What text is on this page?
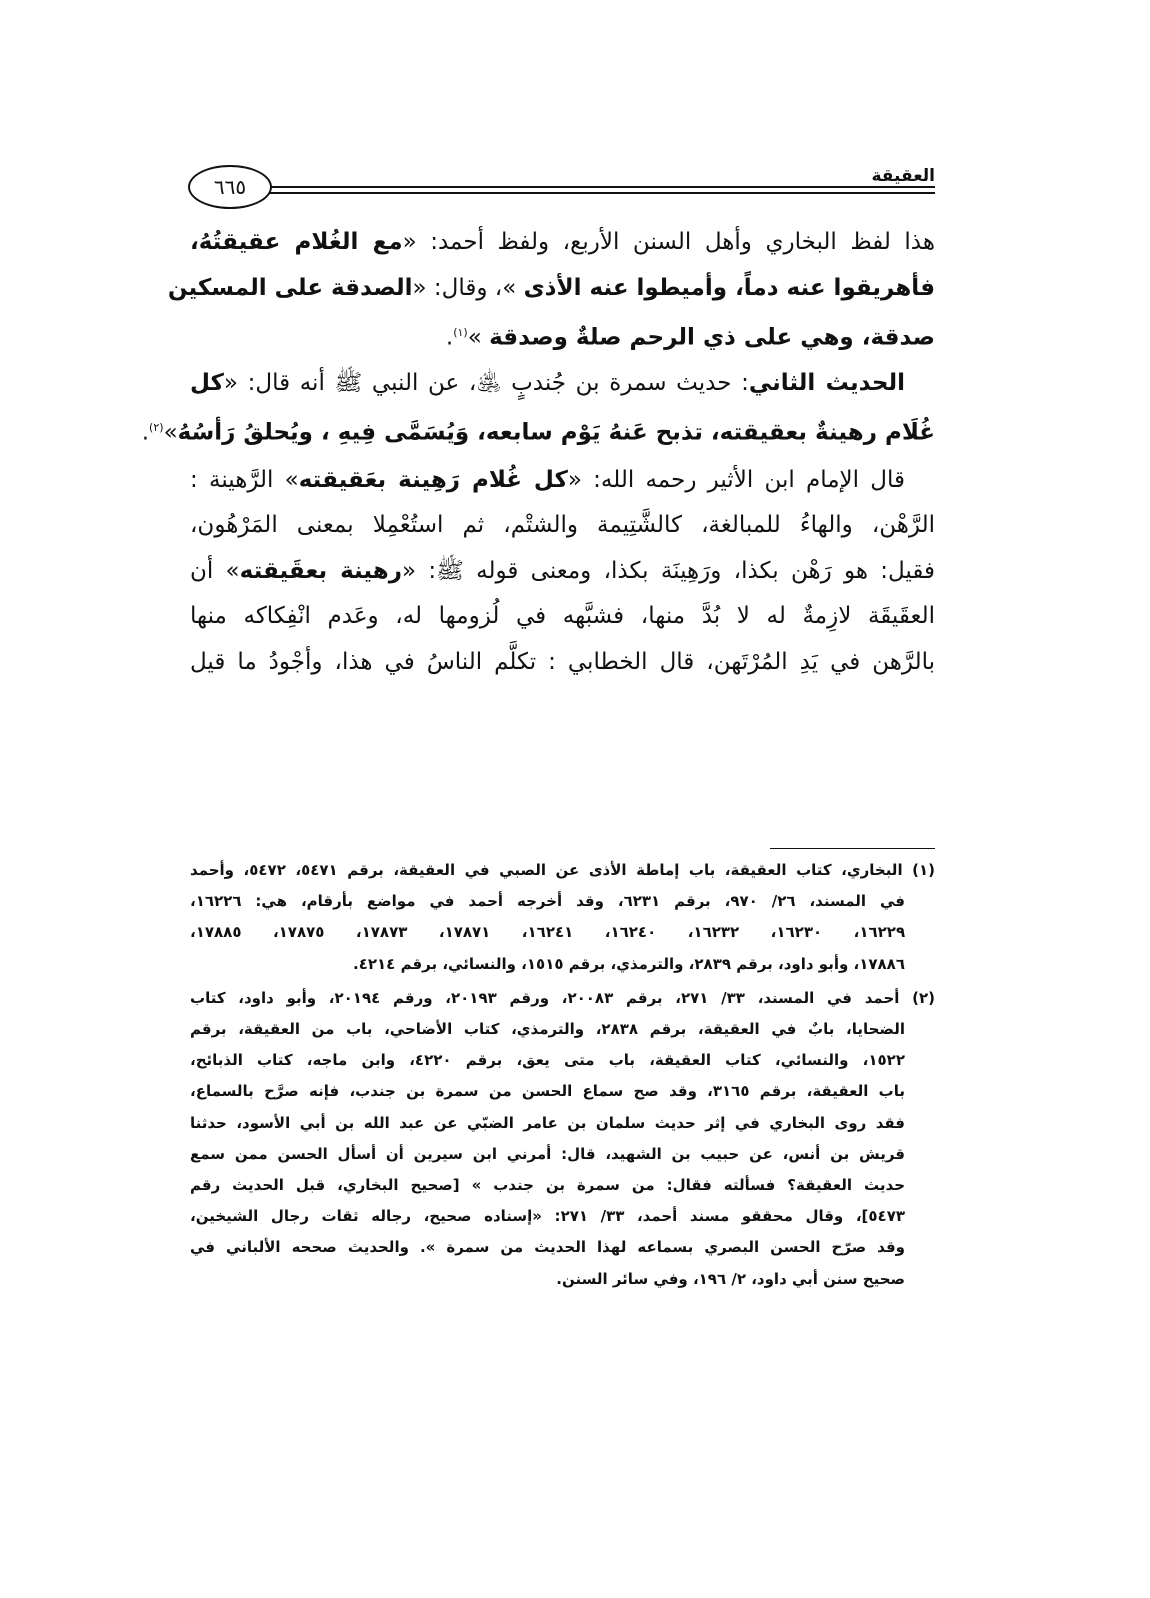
العقيقة
٦٦٥
هذا لفظ البخاري وأهل السنن الأربع، ولفظ أحمد: «مع الغُلام عقيقتُهُ،
فأهريقوا عنه دماً، وأميطوا عنه الأذى »، وقال: «الصدقة على المسكين
صدقة، وهي على ذي الرحم صلةٌ وصدقة »$^{(١)}$.
الحديث الثاني: حديث سمرة بن جُندبٍ ﵁، عن النبي ﷺ أنه قال: «كل
غُلَام رهينةٌ بعقيقته، تذبح عَنهُ يَوْم سابعه، وَيُسَمَّى فِيهِ ، ويُحلقُ رَأسُهُ»$^{(٢)}$.
قال الإمام ابن الأثير رحمه الله: «كل غُلام رَهِينة بعَقيقته» الرَّهينة :
الرَّهْن، والهاءُ للمبالغة، كالشَّتِيمة والشتْم، ثم استُعْمِلا بمعنى المَرْهُون،
فقيل: هو رَهْن بكذا، ورَهِينَة بكذا، ومعنى قوله ﷺ: «رهينة بعقَيقته» أن
العقَيقَة لازِمةٌ له لا بُدَّ منها، فشبَّهه في لُزومها له، وعَدم انْفِكاكه منها
بالرَّهن في يَدِ المُرْتَهن، قال الخطابي : تكلَّم الناسُ في هذا، وأجْودُ ما قيل
(١) البخاري، كتاب العقيقة، باب إماطة الأذى عن الصبي في العقيقة، برقم ٥٤٧١، ٥٤٧٢، وأحمد
في المسند، ٢٦/ ٩٧٠، برقم ٦٢٣١، وقد أخرجه أحمد في مواضع بأرقام، هي: ١٦٢٢٦،
١٦٢٢٩، ١٦٢٣٠، ١٦٢٣٢، ١٦٢٤٠، ١٦٢٤١، ١٧٨٧١، ١٧٨٧٣، ١٧٨٧٥، ١٧٨٨٥،
١٧٨٨٦، وأبو داود، برقم ٢٨٣٩، والترمذي، برقم ١٥١٥، والنسائي، برقم ٤٢١٤.
(٢) أحمد في المسند، ٣٣/ ٢٧١، برقم ٢٠٠٨٣، ورقم ٢٠١٩٣، ورقم ٢٠١٩٤، وأبو داود، كتاب
الضحايا، بابٌ في العقيقة، برقم ٢٨٣٨، والترمذي، كتاب الأضاحي، باب من العقيقة، برقم
١٥٢٢، والنسائي، كتاب العقيقة، باب متى يعق، برقم ٤٢٢٠، وابن ماجه، كتاب الذبائح،
باب العقيقة، برقم ٣١٦٥، وقد صح سماع الحسن من سمرة بن جندب، فإنه صرَّح بالسماع،
فقد روى البخاري في إثر حديث سلمان بن عامر الضبّي عن عبد الله بن أبي الأسود، حدثنا
قريش بن أنس، عن حبيب بن الشهيد، قال: أمرني ابن سيرين أن أسأل الحسن ممن سمع
حديث العقيقة؟ فسألته فقال: من سمرة بن جندب » [صحيح البخاري، قبل الحديث رقم
٥٤٧٣]، وقال محققو مسند أحمد، ٣٣/ ٢٧١: «إسناده صحيح، رجاله ثقات رجال الشيخين،
وقد صرّح الحسن البصري بسماعه لهذا الحديث من سمرة ». والحديث صححه الألباني في
صحيح سنن أبي داود، ٢/ ١٩٦، وفي سائر السنن.
